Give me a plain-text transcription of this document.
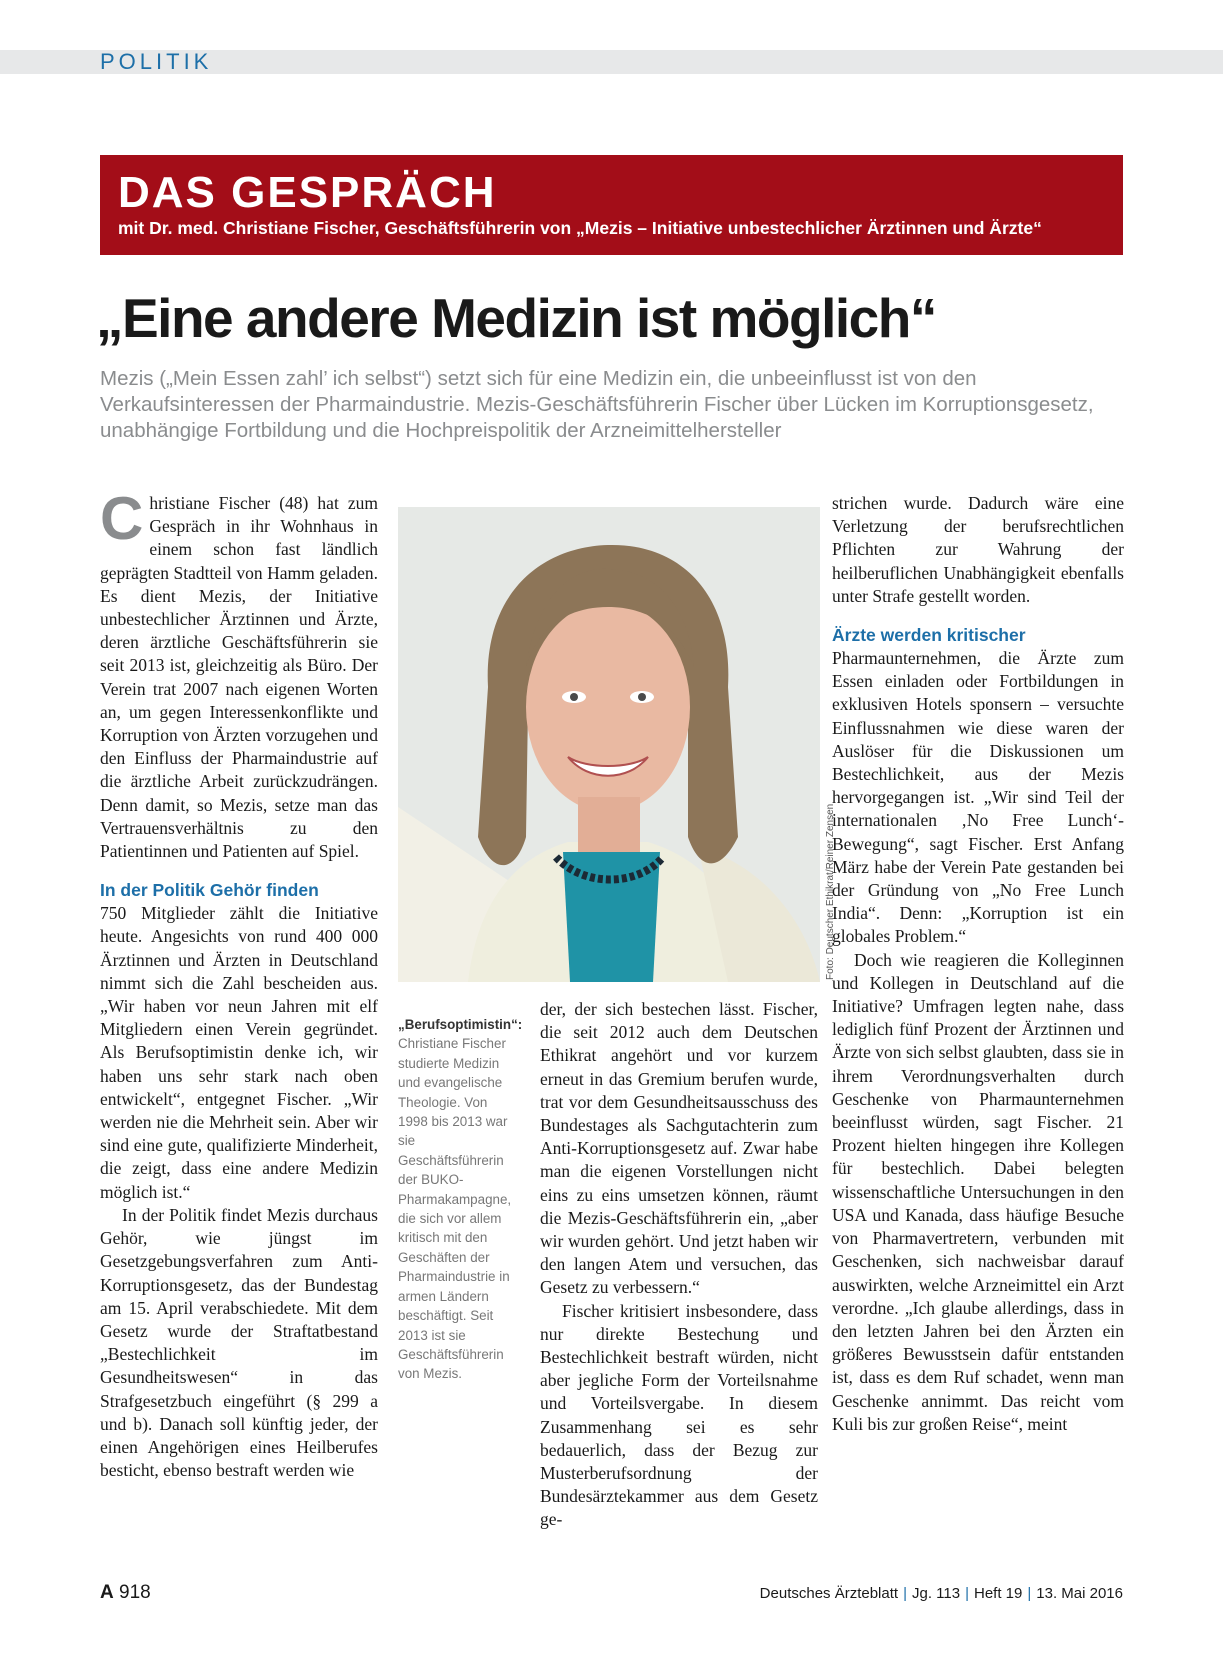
POLITIK
DAS GESPRÄCH
mit Dr. med. Christiane Fischer, Geschäftsführerin von „Mezis – Initiative unbestechlicher Ärztinnen und Ärzte“
„Eine andere Medizin ist möglich“
Mezis („Mein Essen zahl’ ich selbst“) setzt sich für eine Medizin ein, die unbeeinflusst ist von den Verkaufsinteressen der Pharmaindustrie. Mezis-Geschäftsführerin Fischer über Lücken im Korruptionsgesetz, unabhängige Fortbildung und die Hochpreispolitik der Arzneimittelhersteller

Christiane Fischer (48) hat zum Gespräch in ihr Wohnhaus in einem schon fast ländlich geprägten Stadtteil von Hamm geladen. Es dient Mezis, der Initiative unbestechlicher Ärztinnen und Ärzte, deren ärztliche Geschäftsführerin sie seit 2013 ist, gleichzeitig als Büro. Der Verein trat 2007 nach eigenen Worten an, um gegen Interessenkonflikte und Korruption von Ärzten vorzugehen und den Einfluss der Pharmaindustrie auf die ärztliche Arbeit zurückzudrängen. Denn damit, so Mezis, setze man das Vertrauensverhältnis zu den Patientinnen und Patienten auf Spiel.

In der Politik Gehör finden

750 Mitglieder zählt die Initiative heute. Angesichts von rund 400 000 Ärztinnen und Ärzten in Deutschland nimmt sich die Zahl bescheiden aus. „Wir haben vor neun Jahren mit elf Mitgliedern einen Verein gegründet. Als Berufsoptimistin denke ich, wir haben uns sehr stark nach oben entwickelt“, entgegnet Fischer. „Wir werden nie die Mehrheit sein. Aber wir sind eine gute, qualifizierte Minderheit, die zeigt, dass eine andere Medizin möglich ist.“

In der Politik findet Mezis durchaus Gehör, wie jüngst im Gesetzgebungsverfahren zum Anti-Korruptionsgesetz, das der Bundestag am 15. April verabschiedete. Mit dem Gesetz wurde der Straftatbestand „Bestechlichkeit im Gesundheitswesen“ in das Strafgesetzbuch eingeführt (§ 299 a und b). Danach soll künftig jeder, der einen Angehörigen eines Heilberufes besticht, ebenso bestraft werden wie

Foto: Deutscher Ethikrat/Reiner Zensen
„Berufsoptimistin“: Christiane Fischer studierte Medizin und evangelische Theologie. Von 1998 bis 2013 war sie Geschäftsführerin der BUKO-Pharmakampagne, die sich vor allem kritisch mit den Geschäften der Pharmaindustrie in armen Ländern beschäftigt. Seit 2013 ist sie Geschäftsführerin von Mezis.

der, der sich bestechen lässt. Fischer, die seit 2012 auch dem Deutschen Ethikrat angehört und vor kurzem erneut in das Gremium berufen wurde, trat vor dem Gesundheitsausschuss des Bundestages als Sachgutachterin zum Anti-Korruptionsgesetz auf. Zwar habe man die eigenen Vorstellungen nicht eins zu eins umsetzen können, räumt die Mezis-Geschäftsführerin ein, „aber wir wurden gehört. Und jetzt haben wir den langen Atem und versuchen, das Gesetz zu verbessern.“

Fischer kritisiert insbesondere, dass nur direkte Bestechung und Bestechlichkeit bestraft würden, nicht aber jegliche Form der Vorteilsnahme und Vorteilsvergabe. In diesem Zusammenhang sei es sehr bedauerlich, dass der Bezug zur Musterberufsordnung der Bundesärztekammer aus dem Gesetz ge-

strichen wurde. Dadurch wäre eine Verletzung der berufsrechtlichen Pflichten zur Wahrung der heilberuflichen Unabhängigkeit ebenfalls unter Strafe gestellt worden.

Ärzte werden kritischer

Pharmaunternehmen, die Ärzte zum Essen einladen oder Fortbildungen in exklusiven Hotels sponsern – versuchte Einflussnahmen wie diese waren der Auslöser für die Diskussionen um Bestechlichkeit, aus der Mezis hervorgegangen ist. „Wir sind Teil der internationalen ‚No Free Lunch‘-Bewegung“, sagt Fischer. Erst Anfang März habe der Verein Pate gestanden bei der Gründung von „No Free Lunch India“. Denn: „Korruption ist ein globales Problem.“

Doch wie reagieren die Kolleginnen und Kollegen in Deutschland auf die Initiative? Umfragen legten nahe, dass lediglich fünf Prozent der Ärztinnen und Ärzte von sich selbst glaubten, dass sie in ihrem Verordnungsverhalten durch Geschenke von Pharmaunternehmen beeinflusst würden, sagt Fischer. 21 Prozent hielten hingegen ihre Kollegen für bestechlich. Dabei belegten wissenschaftliche Untersuchungen in den USA und Kanada, dass häufige Besuche von Pharmavertretern, verbunden mit Geschenken, sich nachweisbar darauf auswirkten, welche Arzneimittel ein Arzt verordne. „Ich glaube allerdings, dass in den letzten Jahren bei den Ärzten ein größeres Bewusstsein dafür entstanden ist, dass es dem Ruf schadet, wenn man Geschenke annimmt. Das reicht vom Kuli bis zur großen Reise“, meint

A 918	Deutsches Ärzteblatt | Jg. 113 | Heft 19 | 13. Mai 2016
